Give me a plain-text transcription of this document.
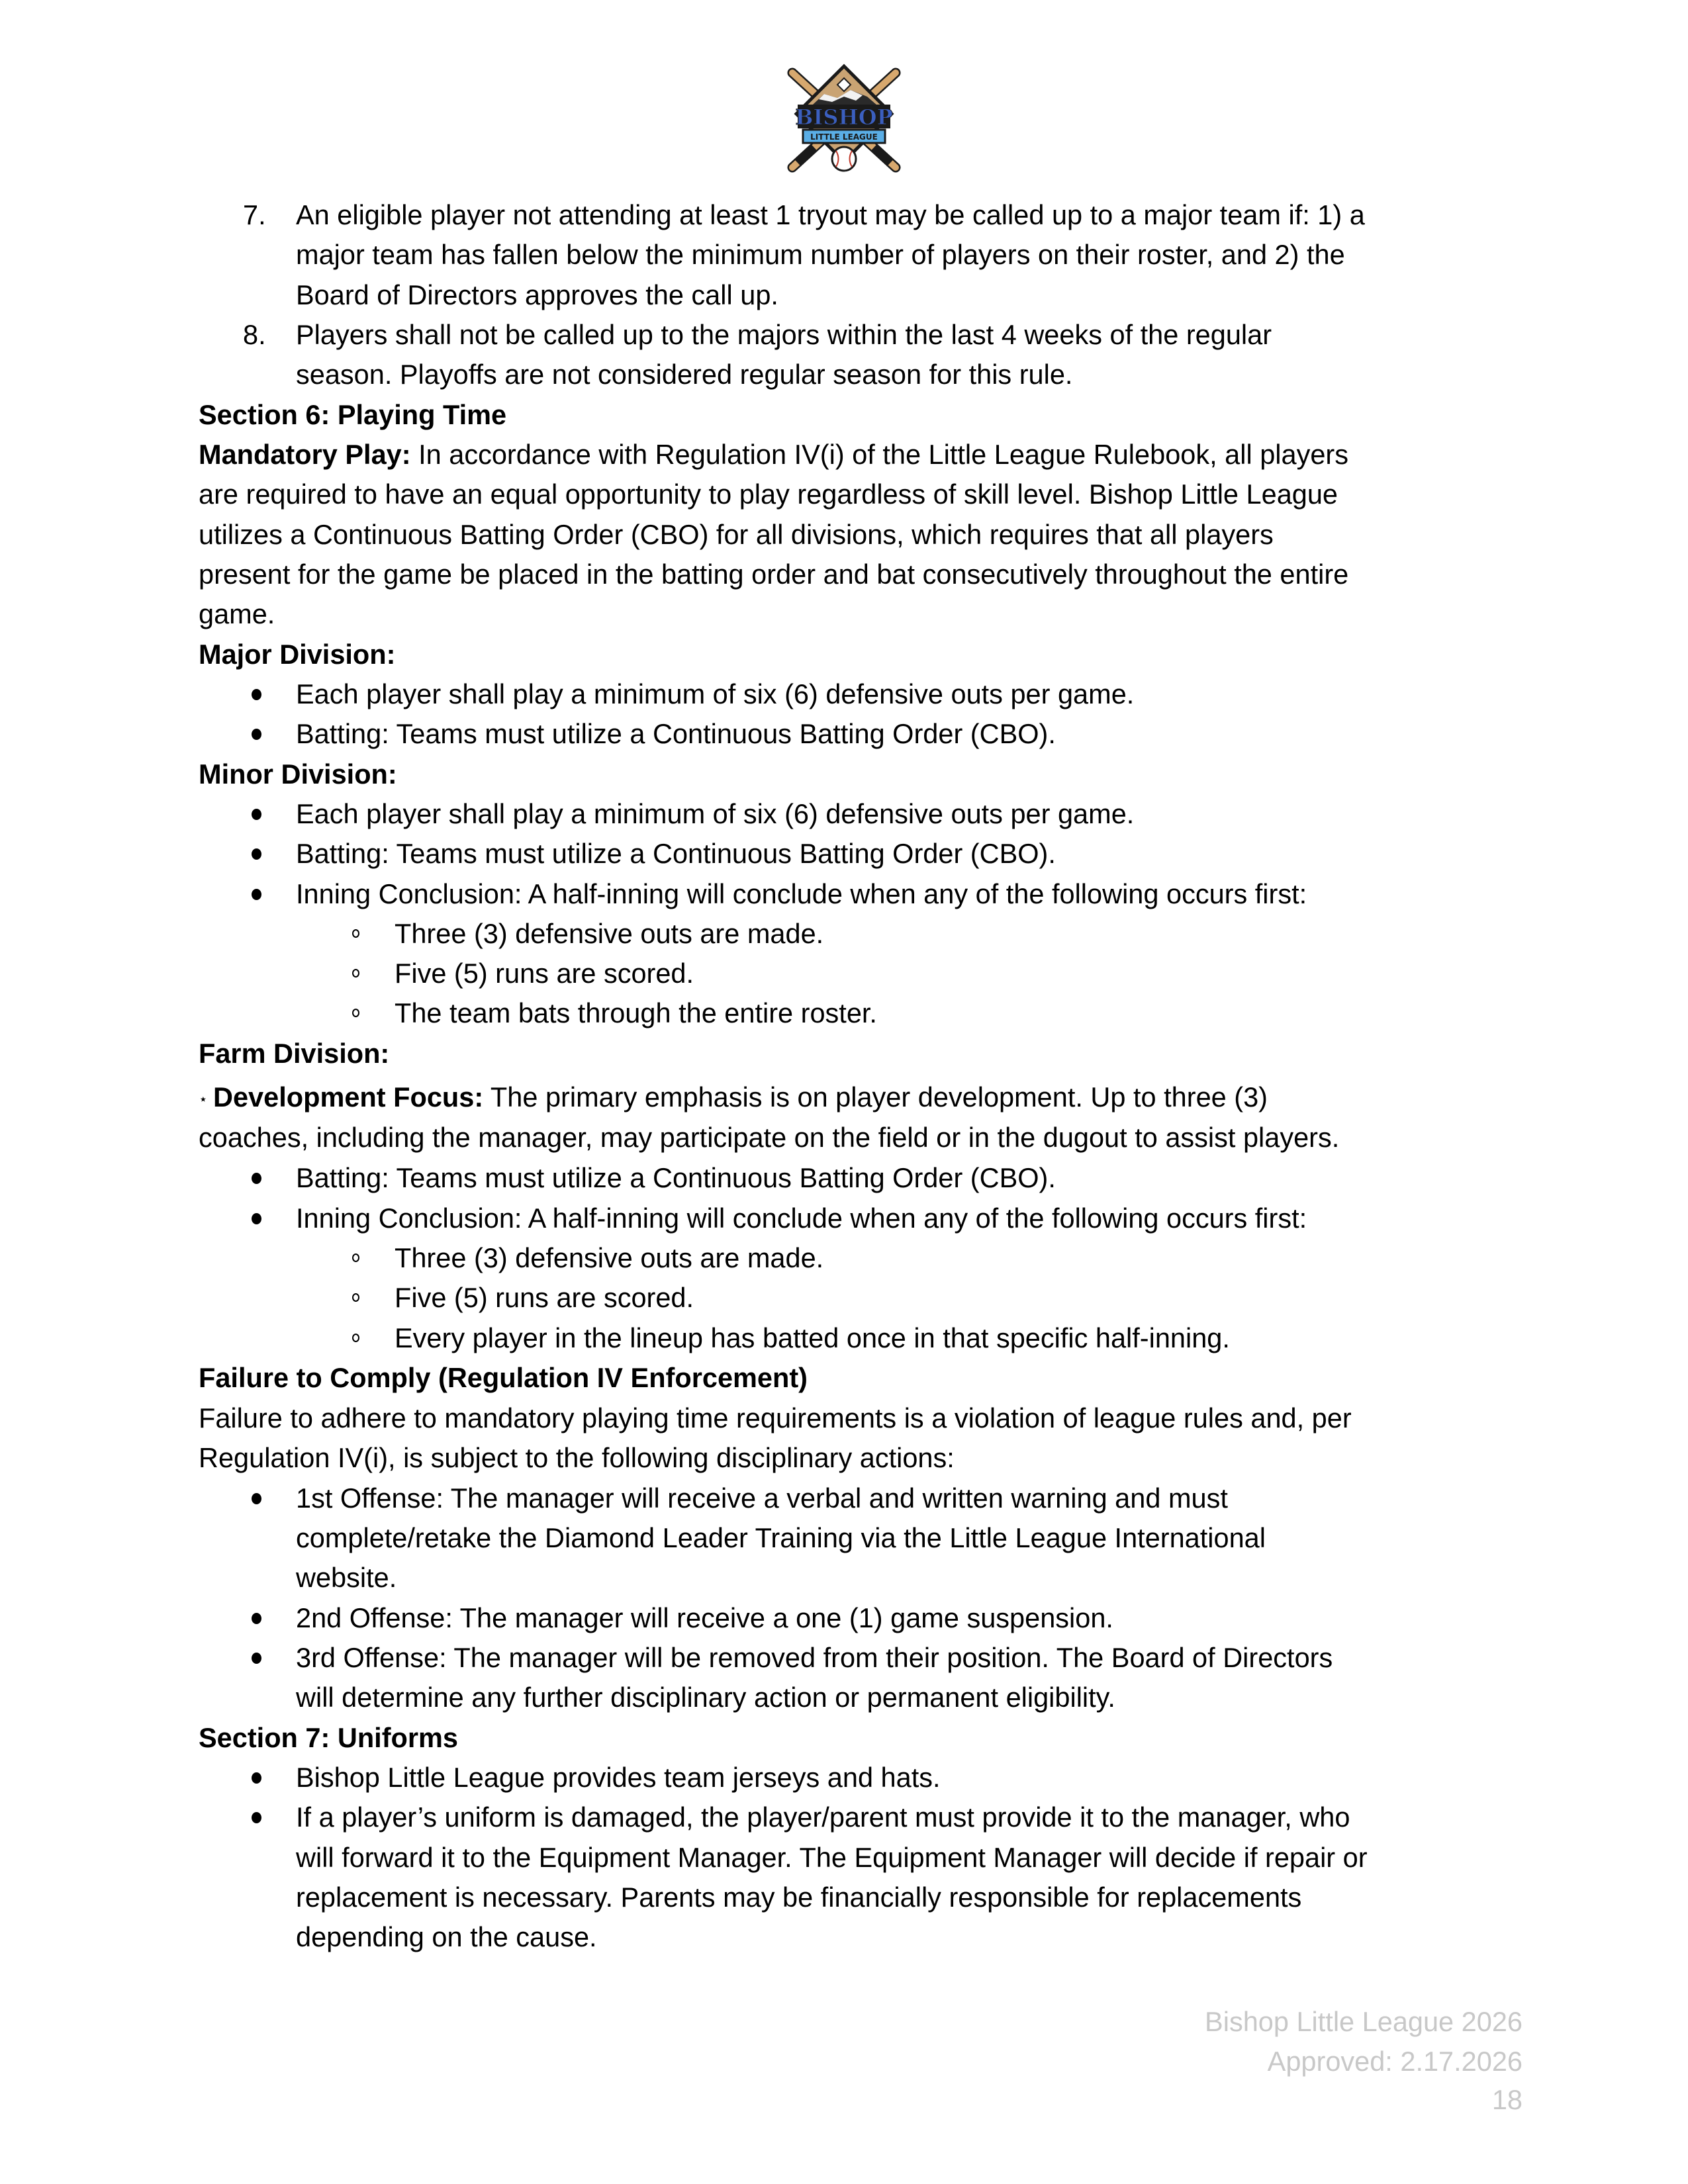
BISHOP
LITTLE LEAGUE
7. An eligible player not attending at least 1 tryout may be called up to a major team if: 1) a
major team has fallen below the minimum number of players on their roster, and 2) the
Board of Directors approves the call up.
8. Players shall not be called up to the majors within the last 4 weeks of the regular
season. Playoffs are not considered regular season for this rule.
Section 6: Playing Time
Mandatory Play: In accordance with Regulation IV(i) of the Little League Rulebook, all players
are required to have an equal opportunity to play regardless of skill level. Bishop Little League
utilizes a Continuous Batting Order (CBO) for all divisions, which requires that all players
present for the game be placed in the batting order and bat consecutively throughout the entire
game.
Major Division:
Each player shall play a minimum of six (6) defensive outs per game.
Batting: Teams must utilize a Continuous Batting Order (CBO).
Minor Division:
Each player shall play a minimum of six (6) defensive outs per game.
Batting: Teams must utilize a Continuous Batting Order (CBO).
Inning Conclusion: A half-inning will conclude when any of the following occurs first:
Three (3) defensive outs are made.
Five (5) runs are scored.
The team bats through the entire roster.
Farm Division:
⋆ Development Focus: The primary emphasis is on player development. Up to three (3)
coaches, including the manager, may participate on the field or in the dugout to assist players.
Batting: Teams must utilize a Continuous Batting Order (CBO).
Inning Conclusion: A half-inning will conclude when any of the following occurs first:
Three (3) defensive outs are made.
Five (5) runs are scored.
Every player in the lineup has batted once in that specific half-inning.
Failure to Comply (Regulation IV Enforcement)
Failure to adhere to mandatory playing time requirements is a violation of league rules and, per
Regulation IV(i), is subject to the following disciplinary actions:
1st Offense: The manager will receive a verbal and written warning and must
complete/retake the Diamond Leader Training via the Little League International
website.
2nd Offense: The manager will receive a one (1) game suspension.
3rd Offense: The manager will be removed from their position. The Board of Directors
will determine any further disciplinary action or permanent eligibility.
Section 7: Uniforms
Bishop Little League provides team jerseys and hats.
If a player’s uniform is damaged, the player/parent must provide it to the manager, who
will forward it to the Equipment Manager. The Equipment Manager will decide if repair or
replacement is necessary. Parents may be financially responsible for replacements
depending on the cause.
Bishop Little League 2026
Approved: 2.17.2026
18
